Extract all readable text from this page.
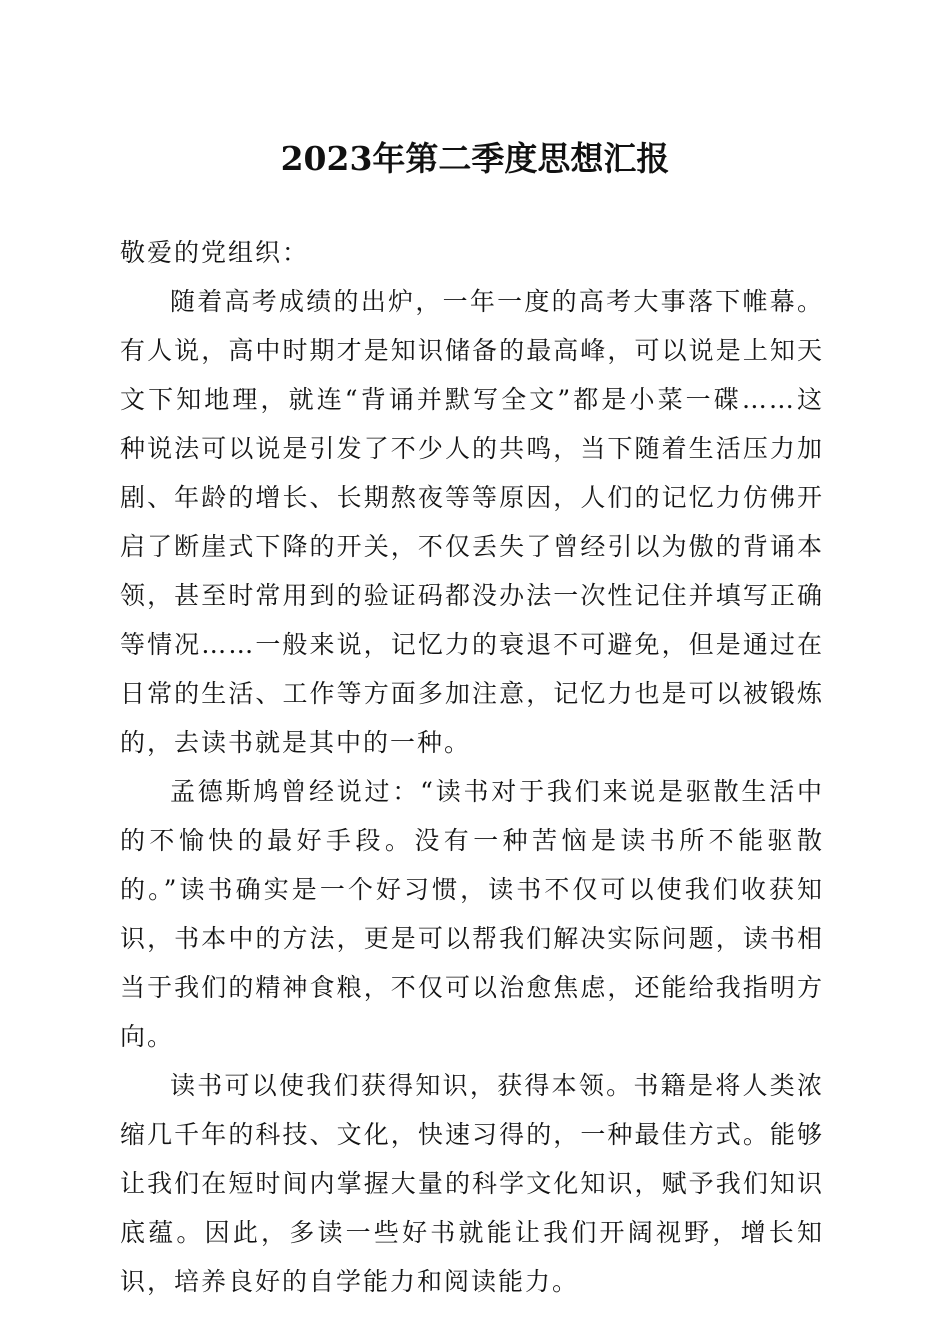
2023年第二季度思想汇报

敬爱的党组织：

随着高考成绩的出炉，一年一度的高考大事落下帷幕。有人说，高中时期才是知识储备的最高峰，可以说是上知天文下知地理，就连“背诵并默写全文”都是小菜一碟……这种说法可以说是引发了不少人的共鸣，当下随着生活压力加剧、年龄的增长、长期熬夜等等原因，人们的记忆力仿佛开启了断崖式下降的开关，不仅丢失了曾经引以为傲的背诵本领，甚至时常用到的验证码都没办法一次性记住并填写正确等情况……一般来说，记忆力的衰退不可避免，但是通过在日常的生活、工作等方面多加注意，记忆力也是可以被锻炼的，去读书就是其中的一种。

孟德斯鸠曾经说过：“读书对于我们来说是驱散生活中的不愉快的最好手段。没有一种苦恼是读书所不能驱散的。”读书确实是一个好习惯，读书不仅可以使我们收获知识，书本中的方法，更是可以帮我们解决实际问题，读书相当于我们的精神食粮，不仅可以治愈焦虑，还能给我指明方向。

读书可以使我们获得知识，获得本领。书籍是将人类浓缩几千年的科技、文化，快速习得的，一种最佳方式。能够让我们在短时间内掌握大量的科学文化知识，赋予我们知识底蕴。因此，多读一些好书就能让我们开阔视野，增长知识，培养良好的自学能力和阅读能力。
